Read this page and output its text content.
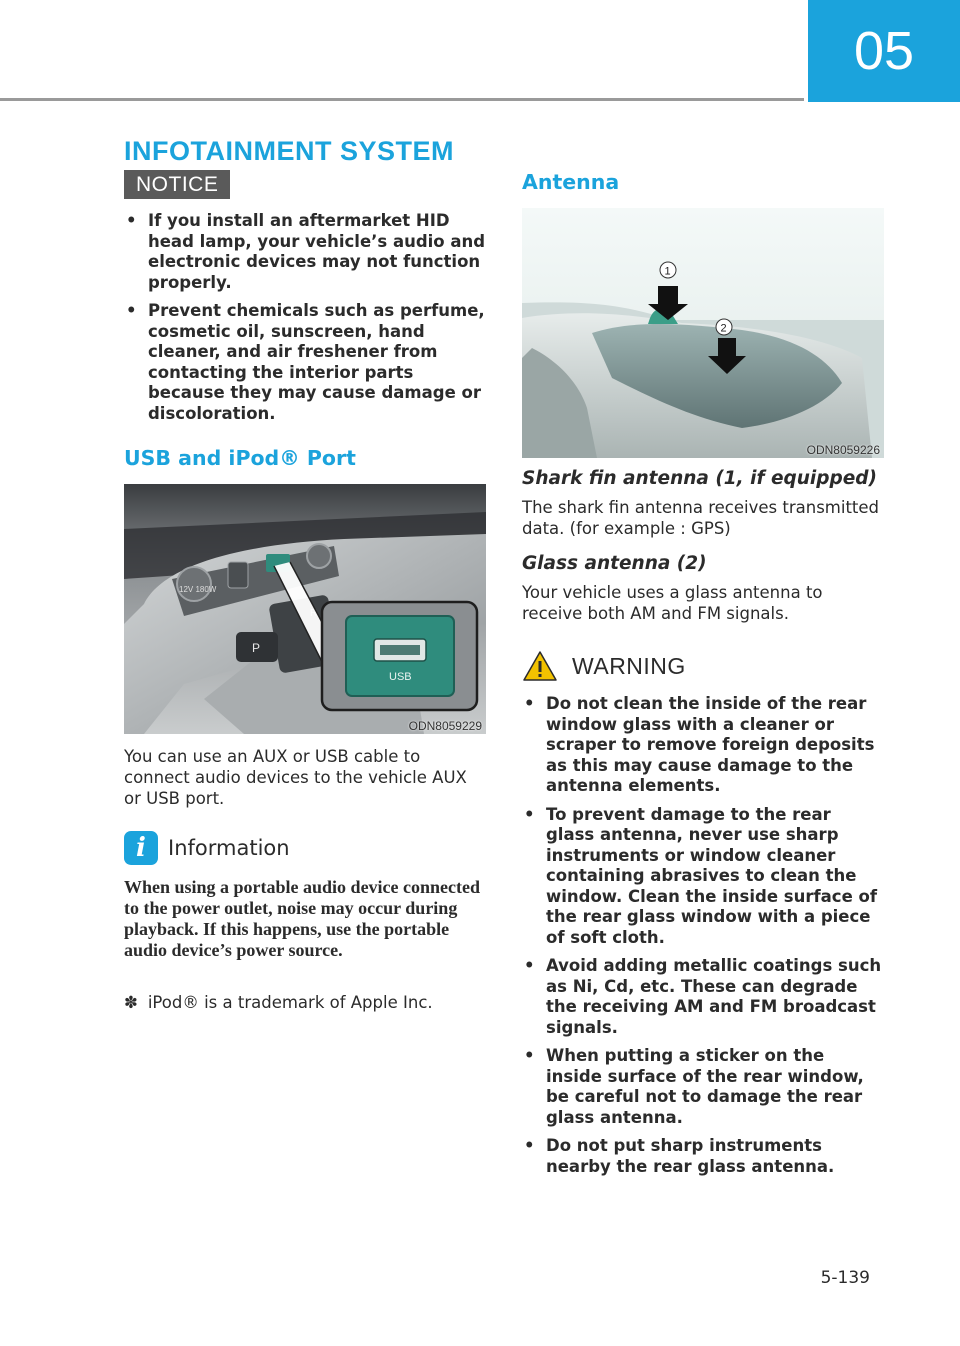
05
INFOTAINMENT SYSTEM
NOTICE
• If you install an aftermarket HID head lamp, your vehicle’s audio and electronic devices may not function properly.
• Prevent chemicals such as perfume, cosmetic oil, sunscreen, hand cleaner, and air freshener from contacting the interior parts because they may cause damage or discoloration.
USB and iPod® Port
12V 180W
P
USB
ODN8059229

You can use an AUX or USB cable to connect audio devices to the vehicle AUX or USB port.

i	Information

When using a portable audio device connected to the power outlet, noise may occur during playback. If this happens, use the portable audio device’s power source.

✽ iPod® is a trademark of Apple Inc.
Antenna
1
2
ODN8059226
Shark fin antenna (1, if equipped)

The shark fin antenna receives transmitted data. (for example : GPS)

Glass antenna (2)

Your vehicle uses a glass antenna to receive both AM and FM signals.

WARNING
• Do not clean the inside of the rear window glass with a cleaner or scraper to remove foreign deposits as this may cause damage to the antenna elements.
• To prevent damage to the rear glass antenna, never use sharp instruments or window cleaner containing abrasives to clean the window. Clean the inside surface of the rear glass window with a piece of soft cloth.
• Avoid adding metallic coatings such as Ni, Cd, etc. These can degrade the receiving AM and FM broadcast signals.
• When putting a sticker on the inside surface of the rear window, be careful not to damage the rear glass antenna.
• Do not put sharp instruments nearby the rear glass antenna.
5-139
